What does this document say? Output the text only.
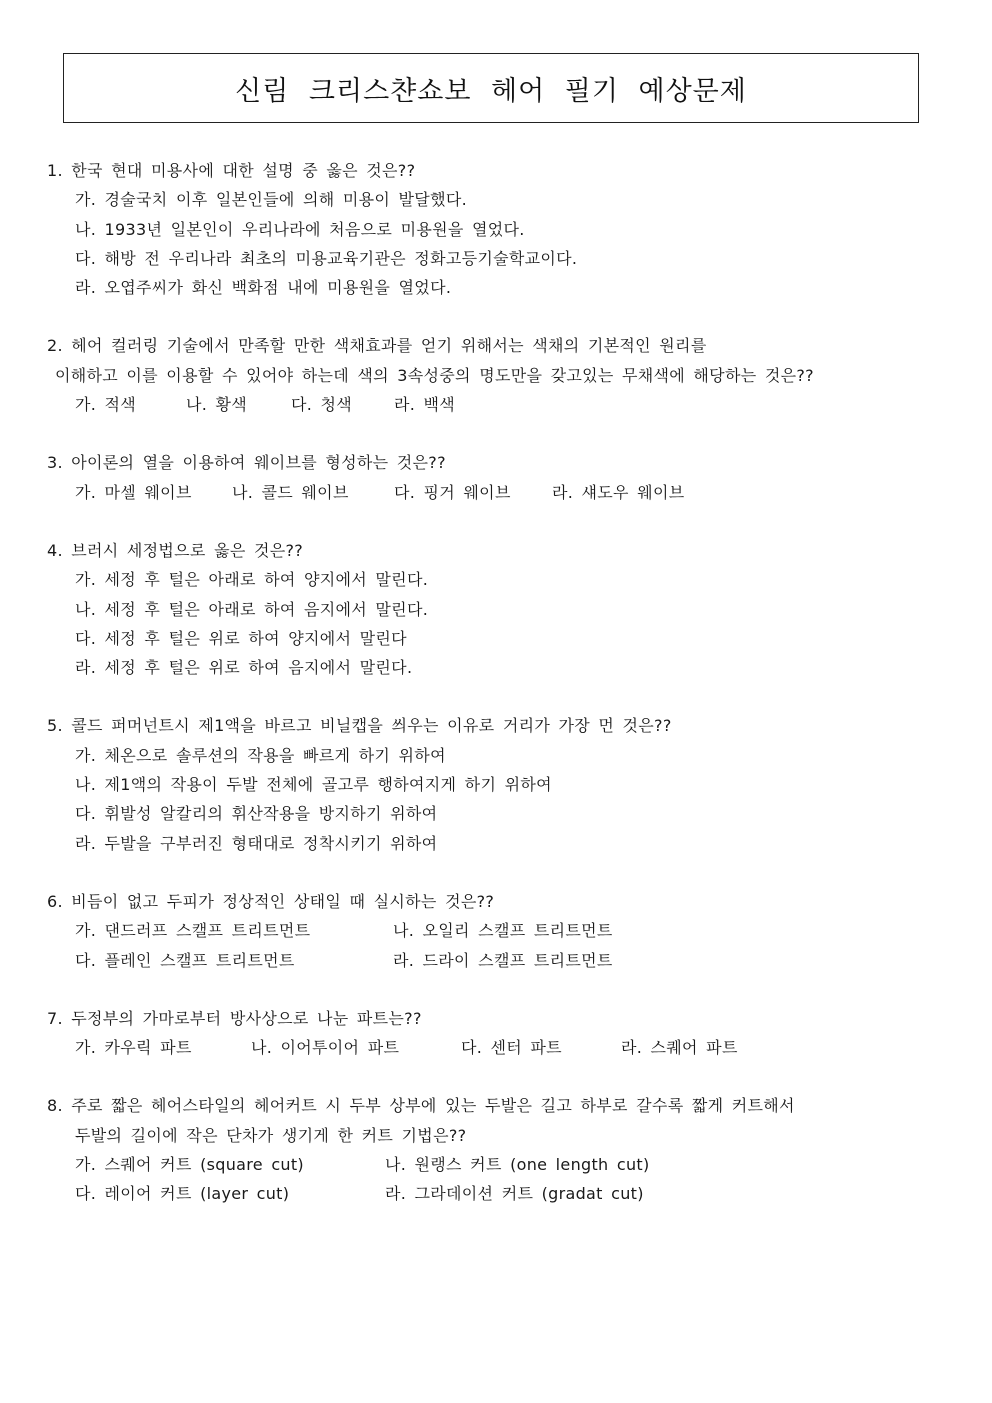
신림 크리스챤쇼보 헤어 필기 예상문제
1. 한국 현대 미용사에 대한 설명 중 옳은 것은??
가. 경술국치 이후 일본인들에 의해 미용이 발달했다.
나. 1933년 일본인이 우리나라에 처음으로 미용원을 열었다.
다. 해방 전 우리나라 최초의 미용교육기관은 정화고등기술학교이다.
라. 오엽주씨가 화신 백화점 내에 미용원을 열었다.
2. 헤어 컬러링 기술에서 만족할 만한 색채효과를 얻기 위해서는 색채의 기본적인 원리를
이해하고 이를 이용할 수 있어야 하는데 색의 3속성중의 명도만을 갖고있는 무채색에 해당하는 것은??
가. 적색	나. 황색	다. 청색	라. 백색
3. 아이론의 열을 이용하여 웨이브를 형성하는 것은??
가. 마셀 웨이브	나. 콜드 웨이브	다. 핑거 웨이브	라. 섀도우 웨이브
4. 브러시 세정법으로 옳은 것은??
가. 세정 후 털은 아래로 하여 양지에서 말린다.
나. 세정 후 털은 아래로 하여 음지에서 말린다.
다. 세정 후 털은 위로 하여 양지에서 말린다
라. 세정 후 털은 위로 하여 음지에서 말린다.
5. 콜드 퍼머넌트시 제1액을 바르고 비닐캡을 씌우는 이유로 거리가 가장 먼 것은??
가. 체온으로 솔루션의 작용을 빠르게 하기 위하여
나. 제1액의 작용이 두발 전체에 골고루 행하여지게 하기 위하여
다. 휘발성 알칼리의 휘산작용을 방지하기 위하여
라. 두발을 구부러진 형태대로 정착시키기 위하여
6. 비듬이 없고 두피가 정상적인 상태일 때 실시하는 것은??
가. 댄드러프 스캘프 트리트먼트	나. 오일리 스캘프 트리트먼트
다. 플레인 스캘프 트리트먼트	라. 드라이 스캘프 트리트먼트
7. 두정부의 가마로부터 방사상으로 나눈 파트는??
가. 카우릭 파트	나. 이어투이어 파트	다. 센터 파트	라. 스퀘어 파트
8. 주로 짧은 헤어스타일의 헤어커트 시 두부 상부에 있는 두발은 길고 하부로 갈수록 짧게 커트해서
두발의 길이에 작은 단차가 생기게 한 커트 기법은??
가. 스퀘어 커트 (square cut)	나. 원랭스 커트 (one length cut)
다. 레이어 커트 (layer cut)	라. 그라데이션 커트 (gradat cut)
